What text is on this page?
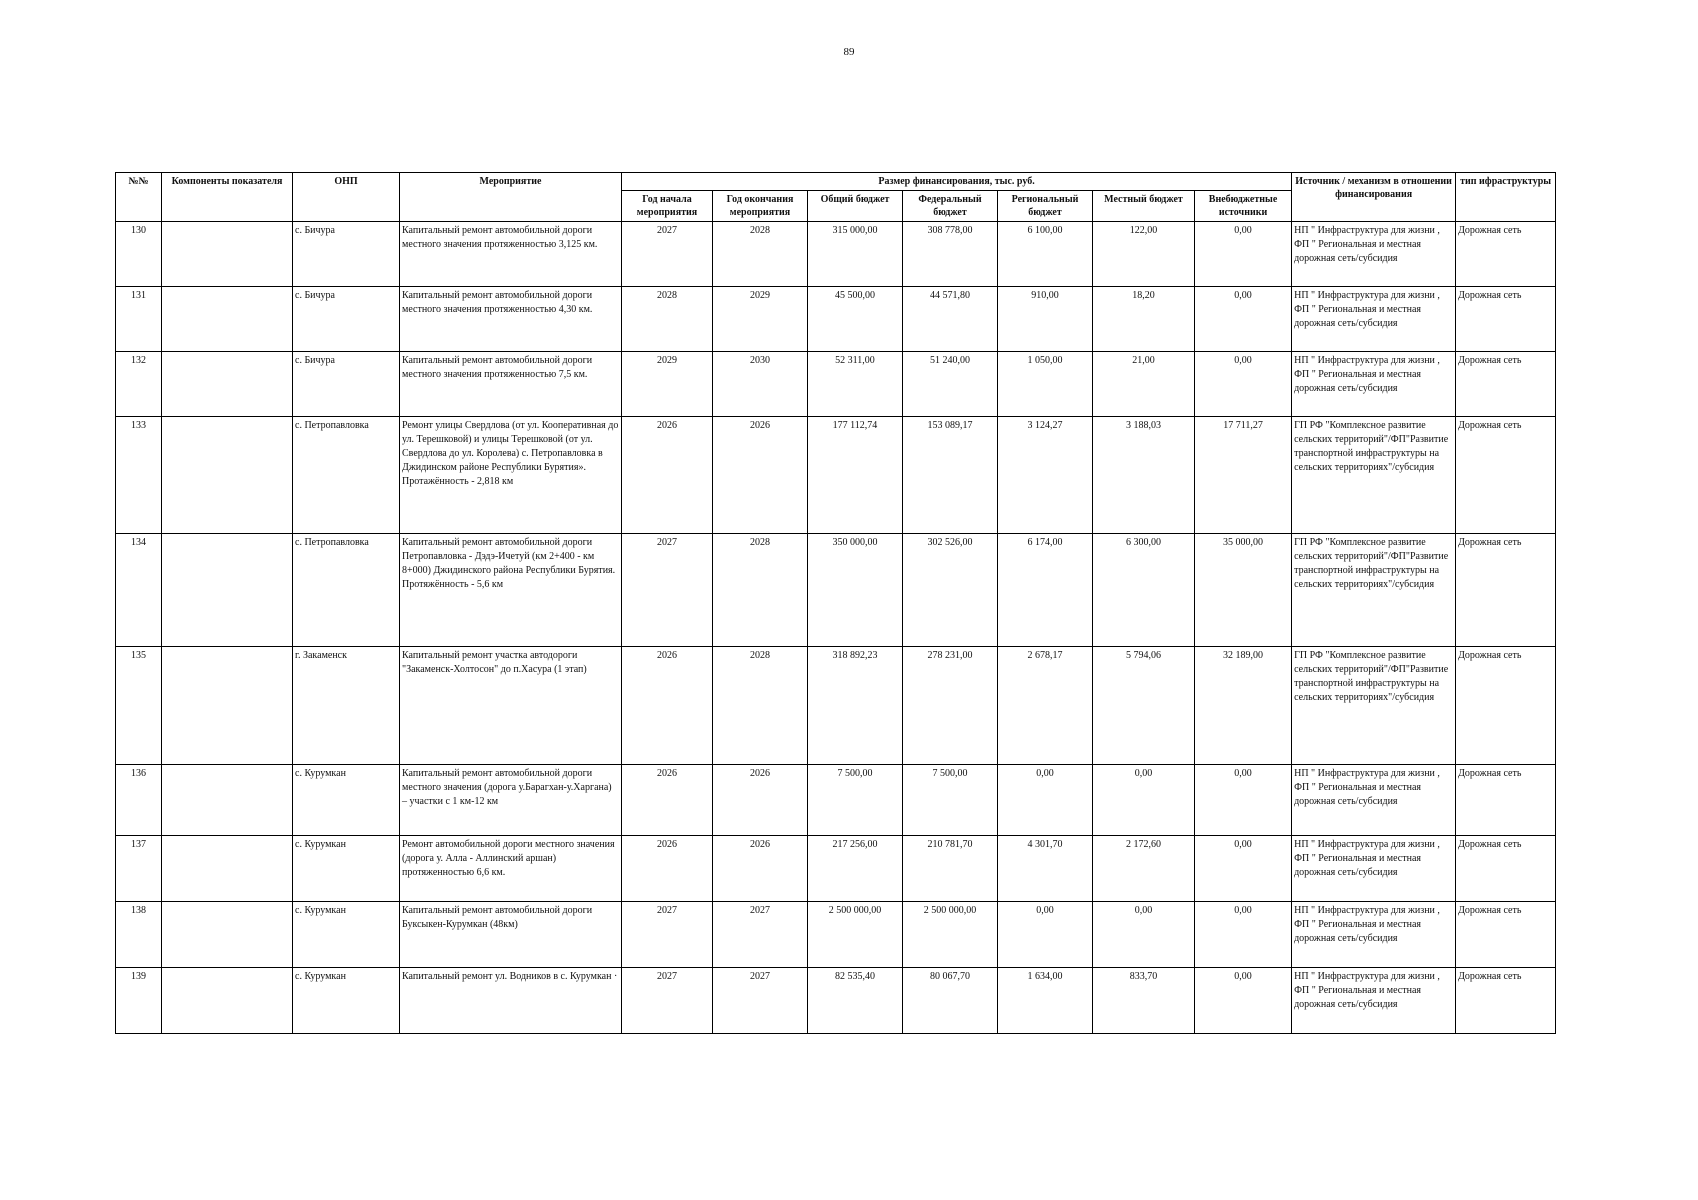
89
№№	Компоненты показателя	ОНП	Мероприятие	Размер финансирования, тыс. руб.							Источник / механизм в отношении финансирования	тип ифраструктуры
				Год начала мероприятия	Год окончания мероприятия	Общий бюджет	Федеральный бюджет	Региональный бюджет	Местный бюджет	Внебюджетные источники		
130		с. Бичура	Капитальный ремонт автомобильной дороги местного значения протяженностью 3,125 км.	2027	2028	315 000,00	308 778,00	6 100,00	122,00	0,00	НП " Инфраструктура для жизни , ФП " Региональная и местная дорожная сеть/субсидия	Дорожная сеть
131		с. Бичура	Капитальный ремонт автомобильной дороги местного значения протяженностью 4,30 км.	2028	2029	45 500,00	44 571,80	910,00	18,20	0,00	НП " Инфраструктура для жизни , ФП " Региональная и местная дорожная сеть/субсидия	Дорожная сеть
132		с. Бичура	Капитальный ремонт автомобильной дороги местного значения протяженностью 7,5 км.	2029	2030	52 311,00	51 240,00	1 050,00	21,00	0,00	НП " Инфраструктура для жизни , ФП " Региональная и местная дорожная сеть/субсидия	Дорожная сеть
133		с. Петропавловка	Ремонт улицы Свердлова (от ул. Кооперативная до ул. Терешковой) и улицы Терешковой (от ул. Свердлова до ул. Королева) с. Петропавловка в Джидинском районе Республики Бурятия». Протажённость - 2,818 км	2026	2026	177 112,74	153 089,17	3 124,27	3 188,03	17 711,27	ГП РФ "Комплексное развитие сельских территорий"/ФП"Развитие транспортной инфраструктуры на сельских территориях"/субсидия	Дорожная сеть
134		с. Петропавловка	Капитальный ремонт автомобильной дороги Петропавловка - Дэдэ-Ичетуй (км 2+400 - км 8+000) Джидинского района Республики Бурятия. Протяжённость - 5,6 км	2027	2028	350 000,00	302 526,00	6 174,00	6 300,00	35 000,00	ГП РФ "Комплексное развитие сельских территорий"/ФП"Развитие транспортной инфраструктуры на сельских территориях"/субсидия	Дорожная сеть
135		г. Закаменск	Капитальный ремонт участка автодороги "Закаменск-Холтосон" до п.Хасура (1 этап)	2026	2028	318 892,23	278 231,00	2 678,17	5 794,06	32 189,00	ГП РФ "Комплексное развитие сельских территорий"/ФП"Развитие транспортной инфраструктуры на сельских территориях"/субсидия	Дорожная сеть
136		с. Курумкан	Капитальный ремонт автомобильной дороги местного значения (дорога у.Барагхан-у.Харгана) – участки с 1 км-12 км	2026	2026	7 500,00	7 500,00	0,00	0,00	0,00	НП " Инфраструктура для жизни , ФП " Региональная и местная дорожная сеть/субсидия	Дорожная сеть
137		с. Курумкан	Ремонт автомобильной дороги местного значения (дорога у. Алла - Аллинский аршан) протяженностью 6,6 км.	2026	2026	217 256,00	210 781,70	4 301,70	2 172,60	0,00	НП " Инфраструктура для жизни , ФП " Региональная и местная дорожная сеть/субсидия	Дорожная сеть
138		с. Курумкан	Капитальный ремонт автомобильной дороги Буксыкен-Курумкан (48км)	2027	2027	2 500 000,00	2 500 000,00	0,00	0,00	0,00	НП " Инфраструктура для жизни , ФП " Региональная и местная дорожная сеть/субсидия	Дорожная сеть
139		с. Курумкан	Капитальный ремонт ул. Водников в с. Курумкан ·	2027	2027	82 535,40	80 067,70	1 634,00	833,70	0,00	НП " Инфраструктура для жизни , ФП " Региональная и местная дорожная сеть/субсидия	Дорожная сеть
